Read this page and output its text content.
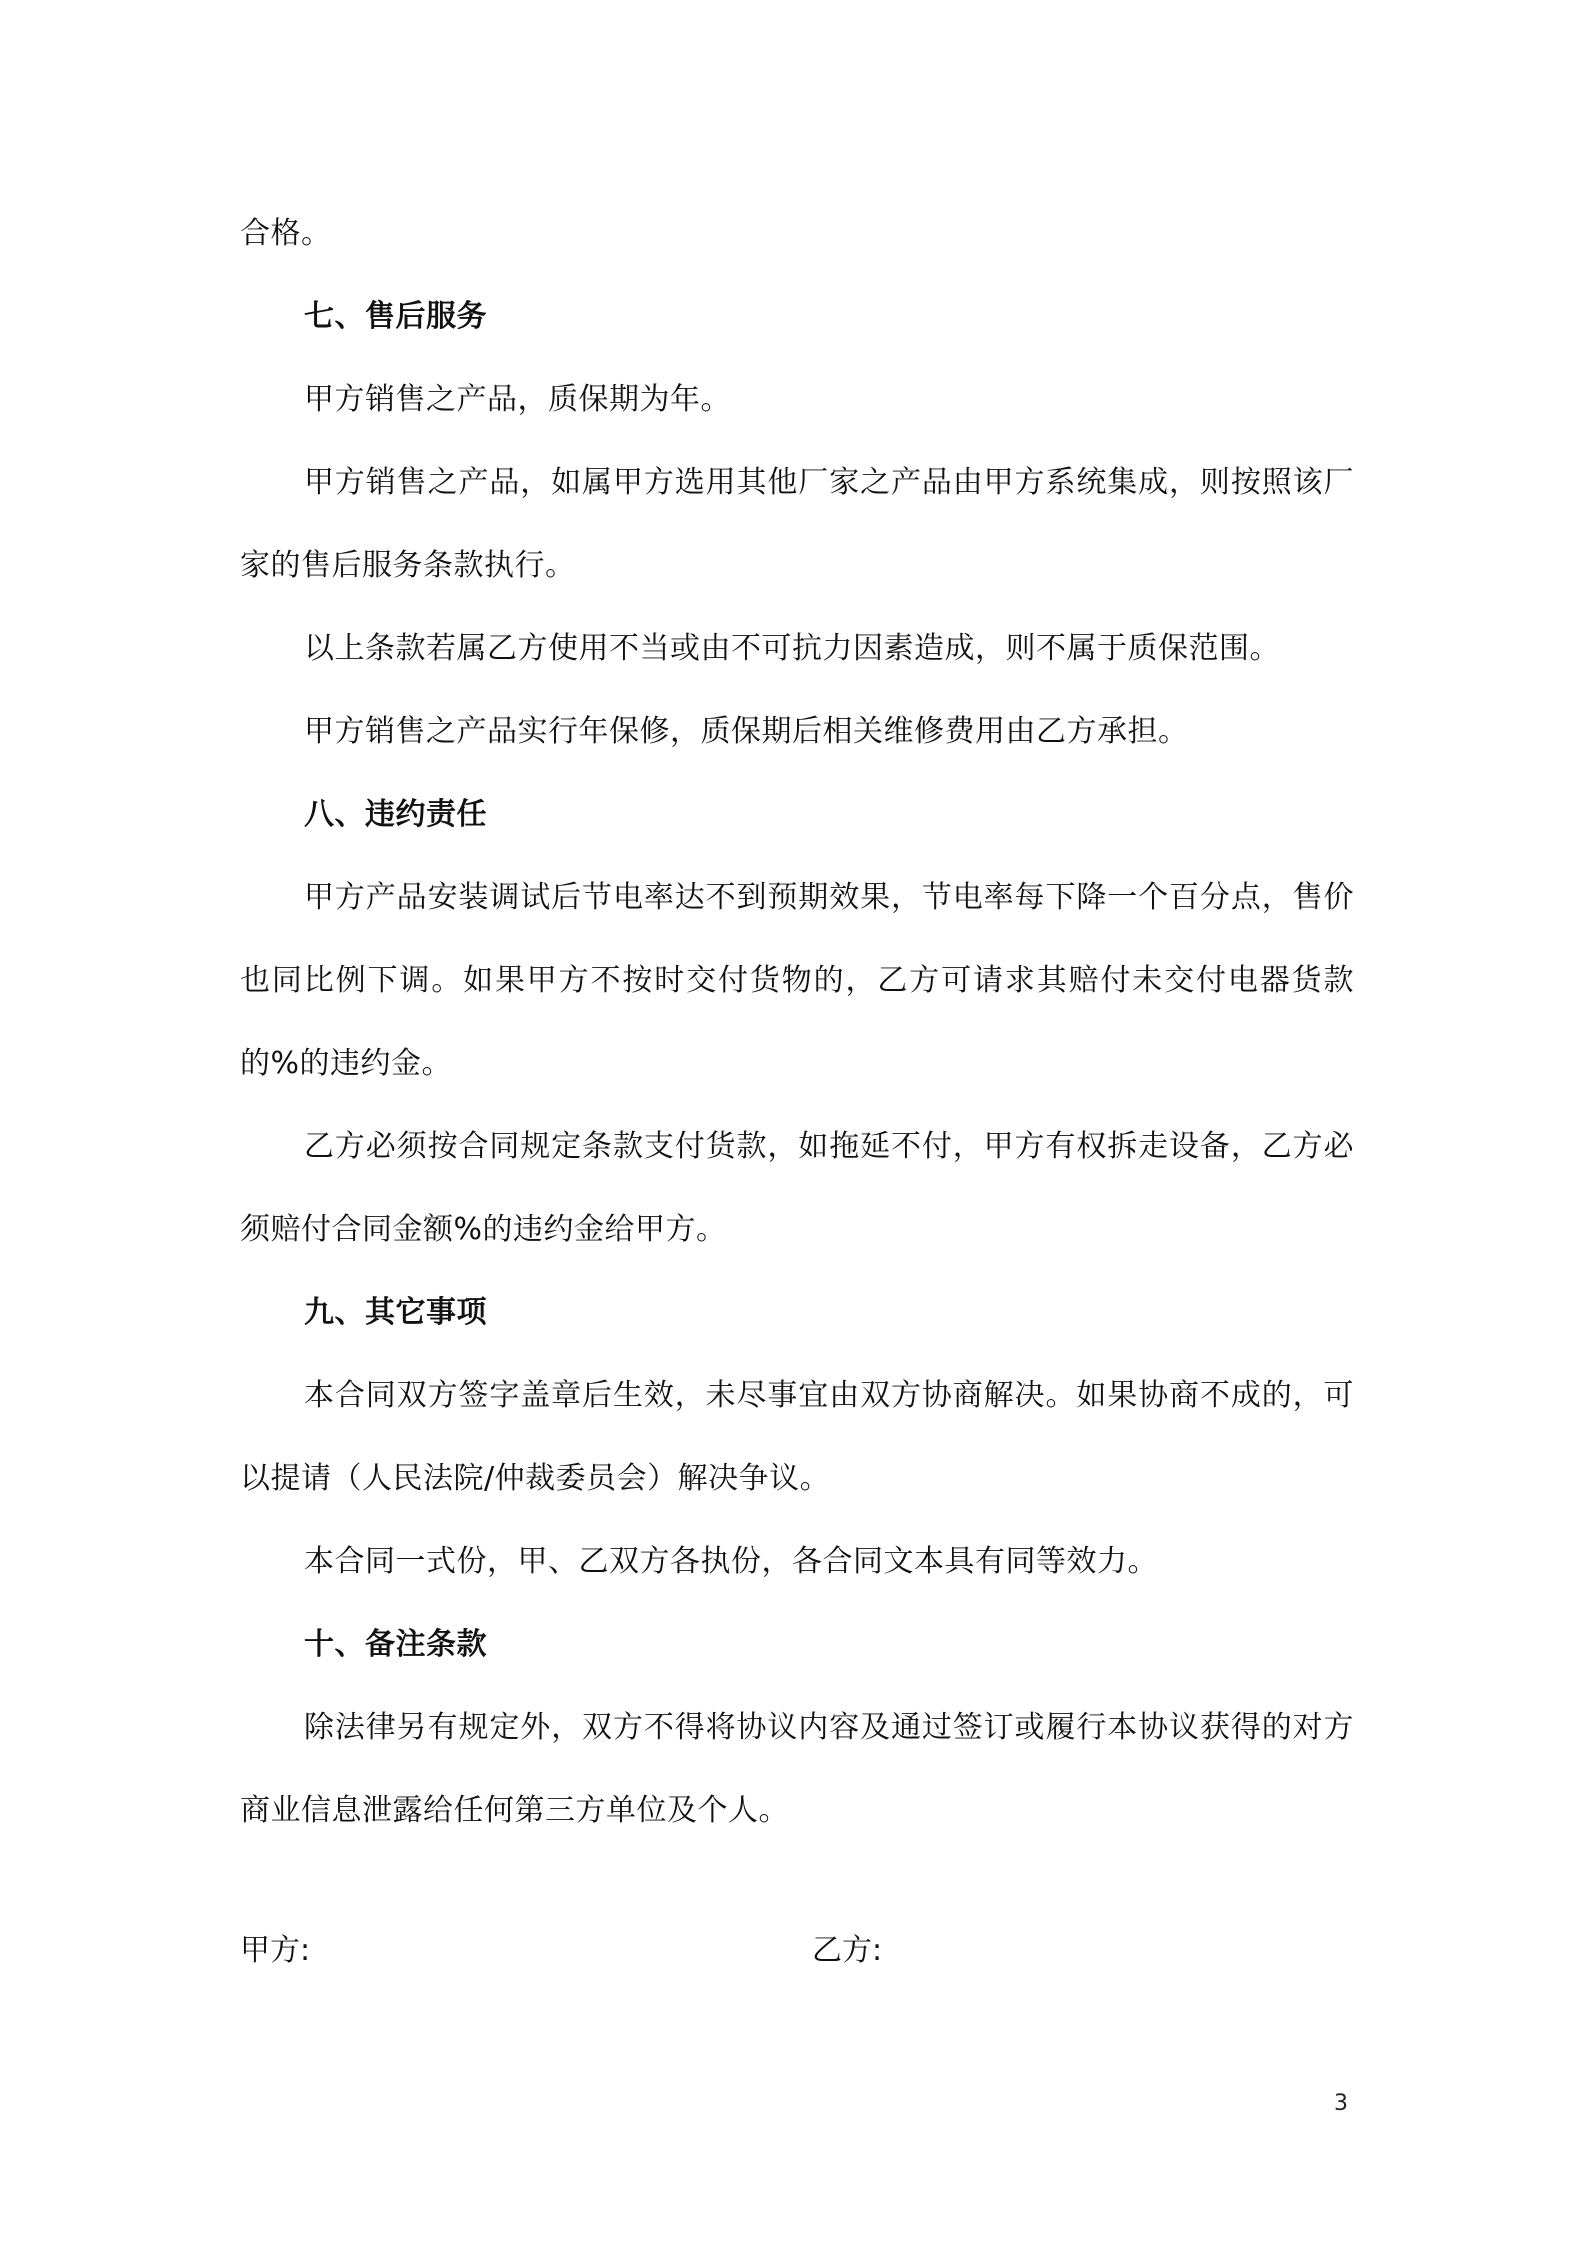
合格。

七、售后服务

甲方销售之产品，质保期为年。

甲方销售之产品，如属甲方选用其他厂家之产品由甲方系统集成，则按照该厂家的售后服务条款执行。

以上条款若属乙方使用不当或由不可抗力因素造成，则不属于质保范围。

甲方销售之产品实行年保修，质保期后相关维修费用由乙方承担。

八、违约责任

甲方产品安装调试后节电率达不到预期效果，节电率每下降一个百分点，售价也同比例下调。如果甲方不按时交付货物的，乙方可请求其赔付未交付电器货款的%的违约金。

乙方必须按合同规定条款支付货款，如拖延不付，甲方有权拆走设备，乙方必须赔付合同金额%的违约金给甲方。

九、其它事项

本合同双方签字盖章后生效，未尽事宜由双方协商解决。如果协商不成的，可以提请（人民法院/仲裁委员会）解决争议。

本合同一式份，甲、乙双方各执份，各合同文本具有同等效力。

十、备注条款

除法律另有规定外，双方不得将协议内容及通过签订或履行本协议获得的对方商业信息泄露给任何第三方单位及个人。

甲方:	乙方:
3
